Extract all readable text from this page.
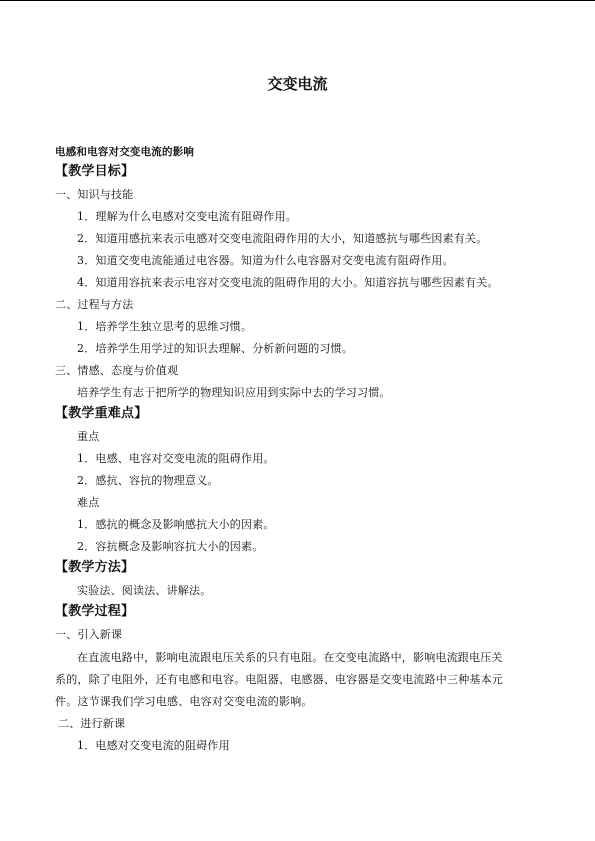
交变电流
电感和电容对交变电流的影响
【教学目标】
一、知识与技能
1．理解为什么电感对交变电流有阻碍作用。
2．知道用感抗来表示电感对交变电流阻碍作用的大小，知道感抗与哪些因素有关。
3．知道交变电流能通过电容器。知道为什么电容器对交变电流有阻碍作用。
4．知道用容抗来表示电容对交变电流的阻碍作用的大小。知道容抗与哪些因素有关。
二、过程与方法
1．培养学生独立思考的思维习惯。
2．培养学生用学过的知识去理解、分析新问题的习惯。
三、情感、态度与价值观
培养学生有志于把所学的物理知识应用到实际中去的学习习惯。
【教学重难点】
重点
1．电感、电容对交变电流的阻碍作用。
2．感抗、容抗的物理意义。
难点
1．感抗的概念及影响感抗大小的因素。
2．容抗概念及影响容抗大小的因素。
【教学方法】
实验法、阅读法、讲解法。
【教学过程】
一、引入新课
在直流电路中，影响电流跟电压关系的只有电阻。在交变电流路中，影响电流跟电压关
系的，除了电阻外，还有电感和电容。电阻器、电感器、电容器是交变电流路中三种基本元
件。这节课我们学习电感、电容对交变电流的影响。
二、进行新课
1．电感对交变电流的阻碍作用
